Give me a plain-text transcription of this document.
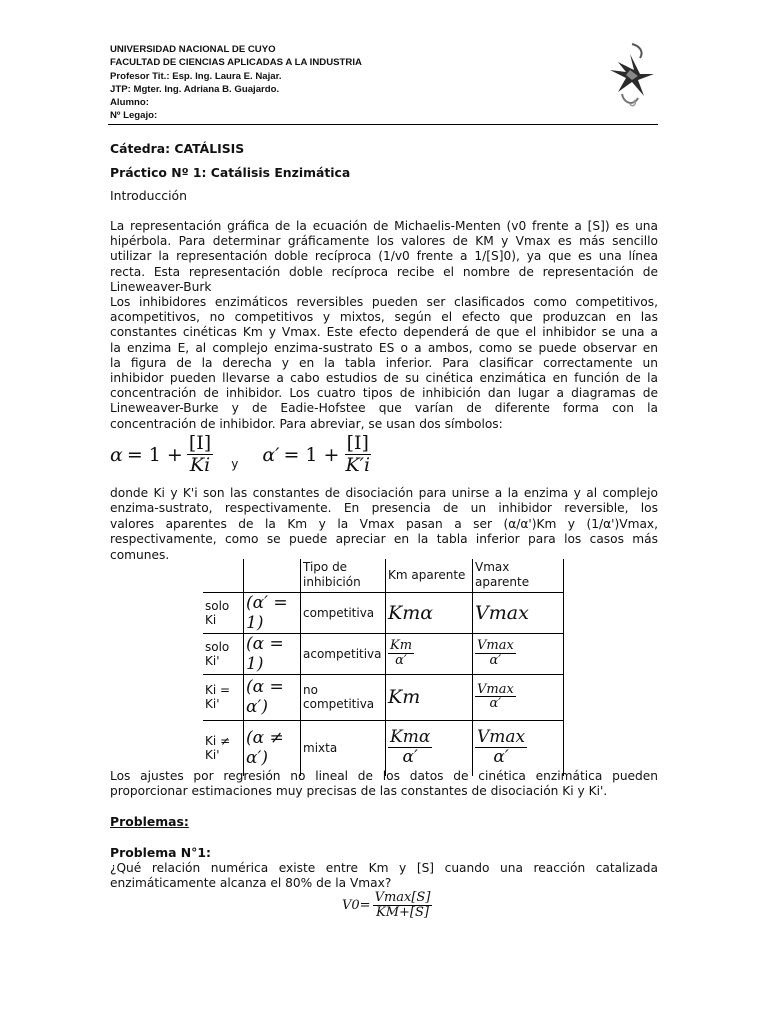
UNIVERSIDAD NACIONAL DE CUYO
FACULTAD DE CIENCIAS APLICADAS A LA INDUSTRIA
Profesor Tit.: Esp. Ing. Laura E. Najar.
JTP: Mgter. Ing. Adriana B. Guajardo.
Alumno:
Nº Legajo:
Cátedra: CATÁLISIS
Práctico Nº 1: Catálisis Enzimática
Introducción
La representación gráfica de la ecuación de Michaelis-Menten (v0 frente a [S]) es una
hipérbola. Para determinar gráficamente los valores de KM y Vmax es más sencillo
utilizar la representación doble recíproca (1/v0 frente a 1/[S]0), ya que es una línea
recta. Esta representación doble recíproca recibe el nombre de representación de
Lineweaver-Burk
Los inhibidores enzimáticos reversibles pueden ser clasificados como competitivos,
acompetitivos, no competitivos y mixtos, según el efecto que produzcan en las
constantes cinéticas Km y Vmax. Este efecto dependerá de que el inhibidor se una a
la enzima E, al complejo enzima-sustrato ES o a ambos, como se puede observar en
la figura de la derecha y en la tabla inferior. Para clasificar correctamente un
inhibidor pueden llevarse a cabo estudios de su cinética enzimática en función de la
concentración de inhibidor. Los cuatro tipos de inhibición dan lugar a diagramas de
Lineweaver-Burke y de Eadie-Hofstee que varían de diferente forma con la
concentración de inhibidor. Para abreviar, se usan dos símbolos:
$\alpha = 1 + \frac{[I]}{Ki}$ y $\alpha' = 1 + \frac{[I]}{K'i}$
donde Ki y K'i son las constantes de disociación para unirse a la enzima y al complejo
enzima-sustrato, respectivamente. En presencia de un inhibidor reversible, los
valores aparentes de la Km y la Vmax pasan a ser (α/α')Km y (1/α')Vmax,
respectivamente, como se puede apreciar en la tabla inferior para los casos más
comunes.
		Tipo de inhibición	Km aparente	Vmax aparente
solo Ki	(α′ = 1)	competitiva	Kmα	Vmax
solo Ki'	(α = 1)	acompetitiva	$\frac{Km}{\alpha'}$	$\frac{Vmax}{\alpha'}$

Ki = Ki'	(α = α′)	no competitiva	Km	$\frac{Vmax}{\alpha'}$

Ki ≠ Ki'	(α ≠ α′)	mixta	$\frac{\text{Kmα}}{\alpha'}$	$\frac{Vmax}{\alpha'}$
Los ajustes por regresión no lineal de los datos de cinética enzimática pueden
proporcionar estimaciones muy precisas de las constantes de disociación Ki y Ki'.
Problemas:
Problema N°1:
¿Qué relación numérica existe entre Km y [S] cuando una reacción catalizada
enzimáticamente alcanza el 80% de la Vmax?
$V0= \frac{Vmax[S]}{KM+[S]}$
